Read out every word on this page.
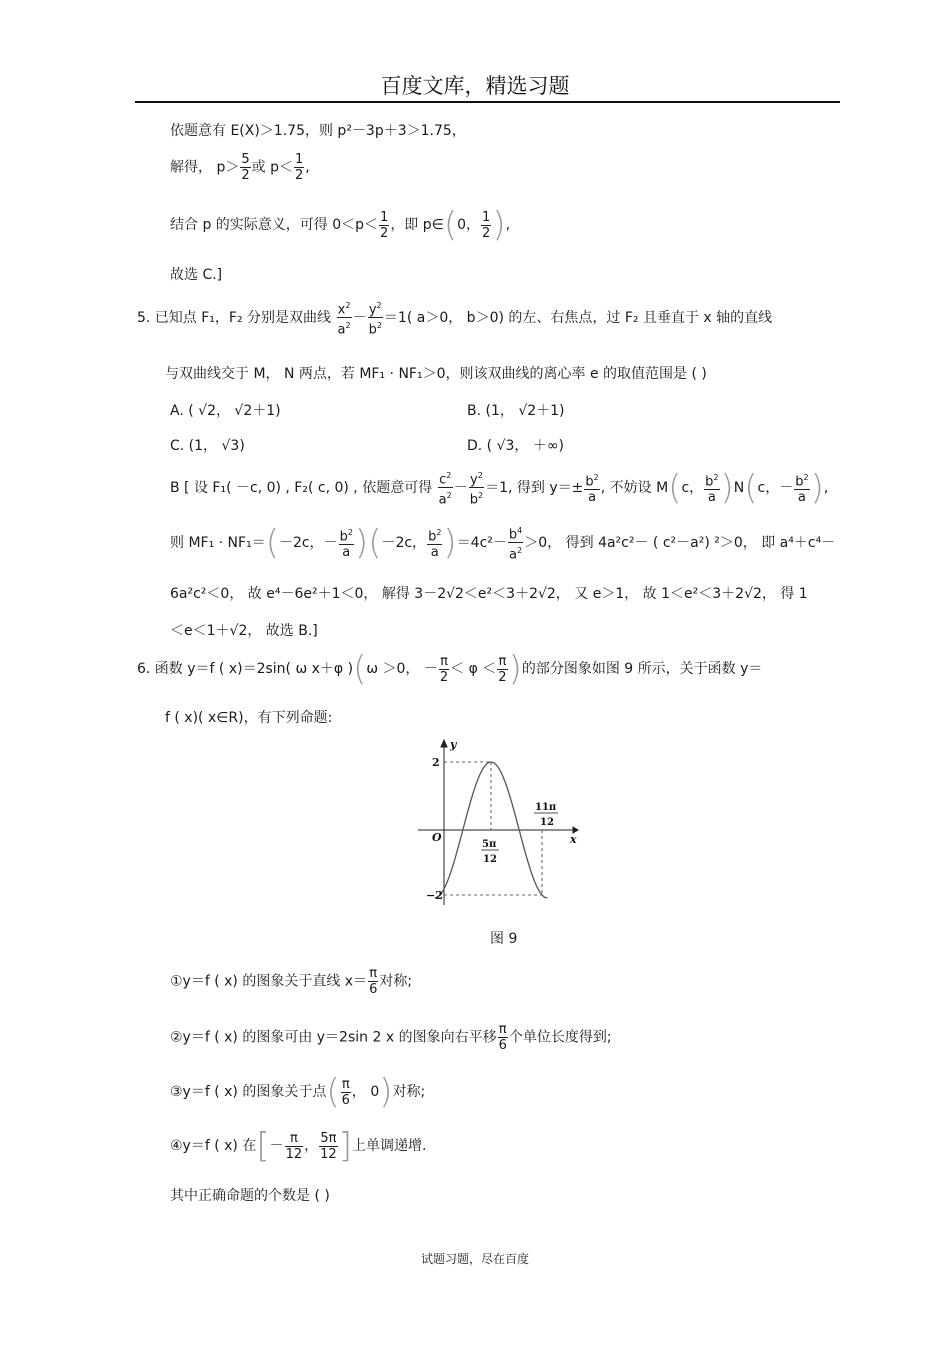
百度文库，精选习题
依题意有 E(X)＞1.75，则 p²－3p＋3＞1.75，
解得， $p> \frac{5}{2}$ 或 $p< \frac{1}{2}$ ,
结合 p 的实际意义，可得 $0<p< \frac{1}{2}$ ，即 p∈(0， $\frac{1}{2}$ ),
故选 C.]
5. 已知点 F₁，F₂ 分别是双曲线 $\frac{x^2}{a^2} - \frac{y^2}{b^2} =1$( a＞0， b＞0) 的左、右焦点，过 F₂ 且垂直于 x 轴的直线
与双曲线交于 M， N 两点，若 MF₁ · NF₁＞0，则该双曲线的离心率 e 的取值范围是 ( )
A. ( √2， √2＋1)	B. (1， √2＋1)
C. (1， √3)	D. ( √3， ＋∞)
B [ 设 F₁( －c, 0) , F₂( c, 0) , 依题意可得 $\frac{c^2}{a^2} - \frac{y^2}{b^2} =1$, 得到 $y=\pm \frac{b^2}{a}$ , 不妨设 M(c， $\frac{b^2}{a} )N(c$，－ $\frac{b^2}{a}$ ),
则 MF₁ · NF₁＝(－2c，－ $\frac{b^2}{a} )(-2c$， $\frac{b^2}{a} )=4c^2- \frac{b^4}{a^2} >0$， 得到 4a²c²－ ( c²－a²) ²＞0， 即 a⁴＋c⁴－
6a²c²＜0， 故 e⁴－6e²＋1＜0， 解得 3－2√2＜e²＜3＋2√2， 又 e＞1， 故 1＜e²＜3＋2√2， 得 1
＜e＜1＋√2， 故选 B.]
6. 函数 y＝f ( x)＝2sin( ω x＋φ )(ω ＞0， － $\frac{\pi}{2} < \varphi < \frac{\pi}{2}$ )的部分图象如图 9 所示，关于函数 y＝
f ( x)( x∈R)，有下列命题:
y
x
2
−2
O
5π
12
11π
12
图 9
①y＝f ( x) 的图象关于直线 $x= \frac{\pi}{6}$ 对称;
②y＝f ( x) 的图象可由 y＝2sin 2 x 的图象向右平移 $\frac{\pi}{6}$ 个单位长度得到;
③y＝f ( x) 的图象关于点( $\frac{\pi}{6}$ ， 0)对称;
④y＝f ( x) 在[－ $\frac{\pi}{12}$ ， $\frac{5\pi}{12}$ ]上单调递增.
其中正确命题的个数是 ( )
试题习题，尽在百度
